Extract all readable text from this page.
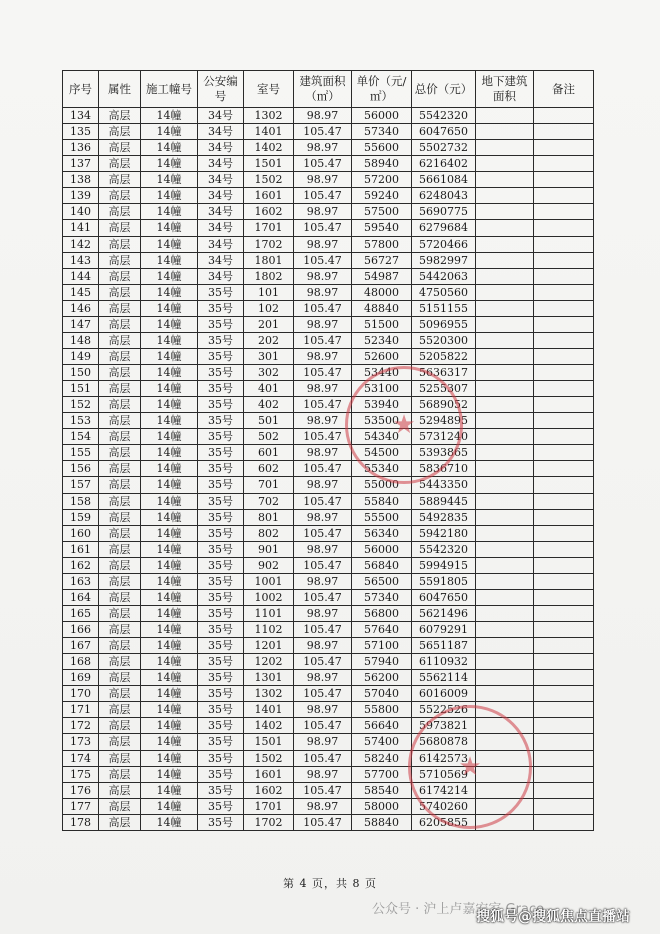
序号	属性	施工幢号	公安编号	室号	建筑面积（㎡）	单价（元/㎡）	总价（元）	地下建筑面积	备注
134	高层	14幢	34号	1302	98.97	56000	5542320		
135	高层	14幢	34号	1401	105.47	57340	6047650		
136	高层	14幢	34号	1402	98.97	55600	5502732		
137	高层	14幢	34号	1501	105.47	58940	6216402		
138	高层	14幢	34号	1502	98.97	57200	5661084		
139	高层	14幢	34号	1601	105.47	59240	6248043		
140	高层	14幢	34号	1602	98.97	57500	5690775		
141	高层	14幢	34号	1701	105.47	59540	6279684		
142	高层	14幢	34号	1702	98.97	57800	5720466		
143	高层	14幢	34号	1801	105.47	56727	5982997		
144	高层	14幢	34号	1802	98.97	54987	5442063		
145	高层	14幢	35号	101	98.97	48000	4750560		
146	高层	14幢	35号	102	105.47	48840	5151155		
147	高层	14幢	35号	201	98.97	51500	5096955		
148	高层	14幢	35号	202	105.47	52340	5520300		
149	高层	14幢	35号	301	98.97	52600	5205822		
150	高层	14幢	35号	302	105.47	53440	5636317		
151	高层	14幢	35号	401	98.97	53100	5255307		
152	高层	14幢	35号	402	105.47	53940	5689052		
153	高层	14幢	35号	501	98.97	53500	5294895		
154	高层	14幢	35号	502	105.47	54340	5731240		
155	高层	14幢	35号	601	98.97	54500	5393865		
156	高层	14幢	35号	602	105.47	55340	5836710		
157	高层	14幢	35号	701	98.97	55000	5443350		
158	高层	14幢	35号	702	105.47	55840	5889445		
159	高层	14幢	35号	801	98.97	55500	5492835		
160	高层	14幢	35号	802	105.47	56340	5942180		
161	高层	14幢	35号	901	98.97	56000	5542320		
162	高层	14幢	35号	902	105.47	56840	5994915		
163	高层	14幢	35号	1001	98.97	56500	5591805		
164	高层	14幢	35号	1002	105.47	57340	6047650		
165	高层	14幢	35号	1101	98.97	56800	5621496		
166	高层	14幢	35号	1102	105.47	57640	6079291		
167	高层	14幢	35号	1201	98.97	57100	5651187		
168	高层	14幢	35号	1202	105.47	57940	6110932		
169	高层	14幢	35号	1301	98.97	56200	5562114		
170	高层	14幢	35号	1302	105.47	57040	6016009		
171	高层	14幢	35号	1401	98.97	55800	5522526		
172	高层	14幢	35号	1402	105.47	56640	5973821		
173	高层	14幢	35号	1501	98.97	57400	5680878		
174	高层	14幢	35号	1502	105.47	58240	6142573		
175	高层	14幢	35号	1601	98.97	57700	5710569		
176	高层	14幢	35号	1602	105.47	58540	6174214		
177	高层	14幢	35号	1701	98.97	58000	5740260		
178	高层	14幢	35号	1702	105.47	58840	6205855		
★
★
第 4 页，共 8 页
公众号 · 沪上卢嘉宏家 Grace
搜狐号@搜狐焦点直播站
